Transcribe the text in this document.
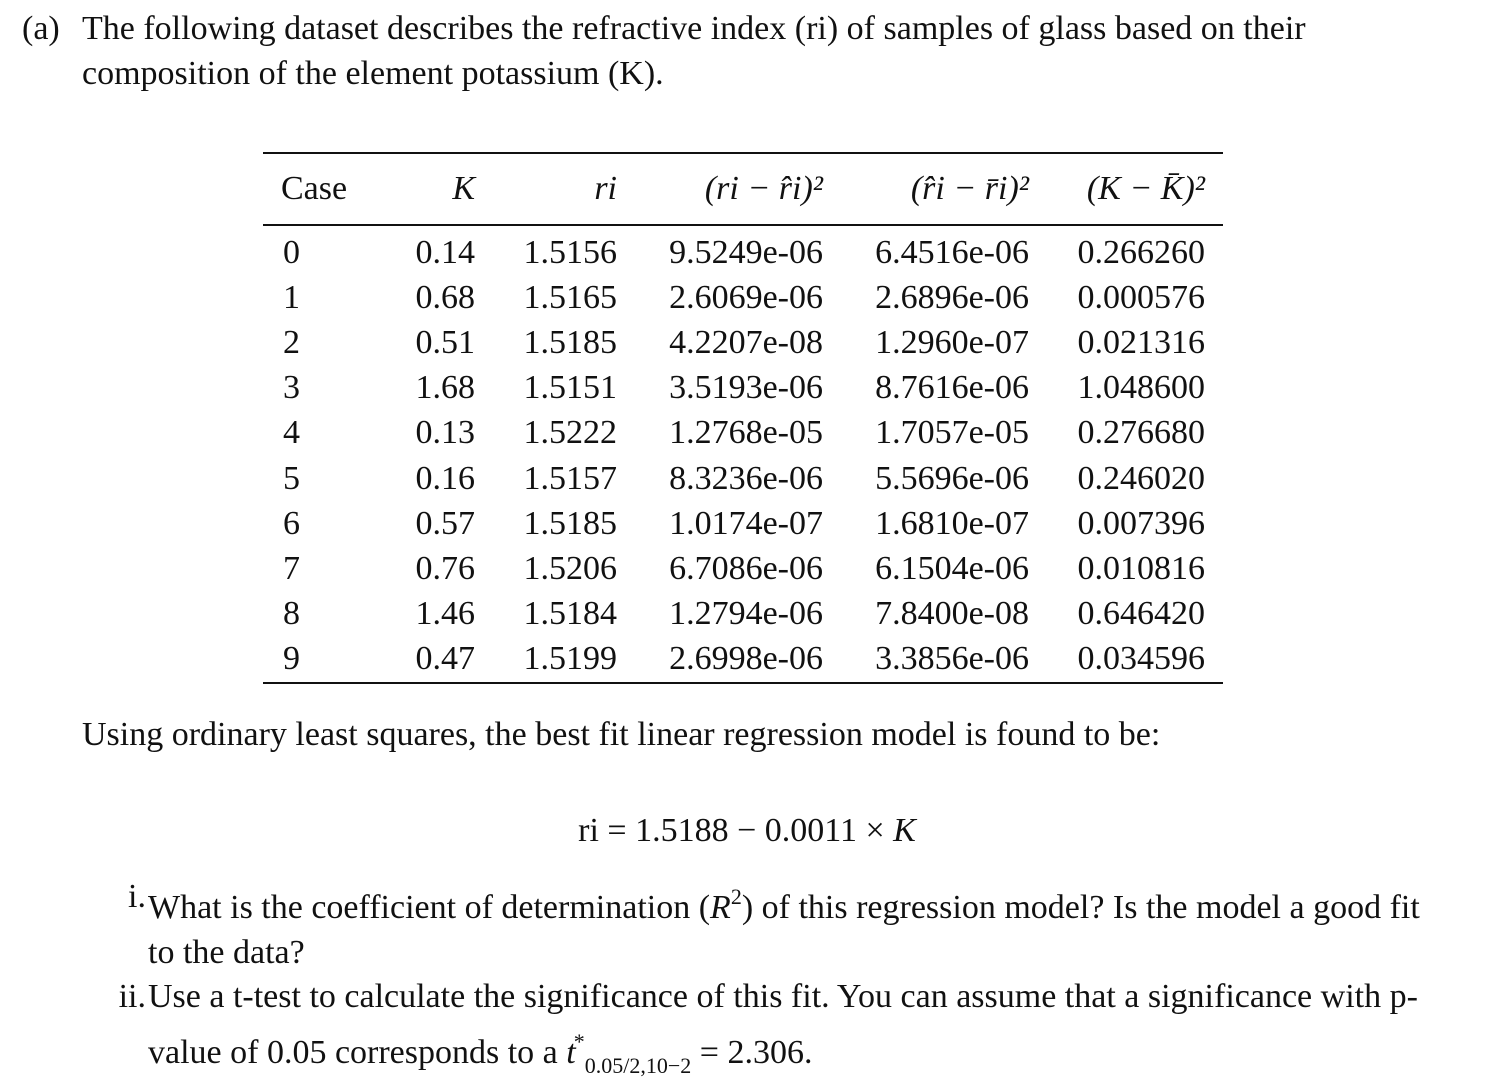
(a) The following dataset describes the refractive index (ri) of samples of glass based on their composition of the element potassium (K).
Case	K	ri	(ri − r̂i)²	(r̂i − r̄i)²	(K − K̄)²
0	0.14	1.5156	9.5249e-06	6.4516e-06	0.266260
1	0.68	1.5165	2.6069e-06	2.6896e-06	0.000576
2	0.51	1.5185	4.2207e-08	1.2960e-07	0.021316
3	1.68	1.5151	3.5193e-06	8.7616e-06	1.048600
4	0.13	1.5222	1.2768e-05	1.7057e-05	0.276680
5	0.16	1.5157	8.3236e-06	5.5696e-06	0.246020
6	0.57	1.5185	1.0174e-07	1.6810e-07	0.007396
7	0.76	1.5206	6.7086e-06	6.1504e-06	0.010816
8	1.46	1.5184	1.2794e-06	7.8400e-08	0.646420
9	0.47	1.5199	2.6998e-06	3.3856e-06	0.034596
Using ordinary least squares, the best fit linear regression model is found to be:
ri = 1.5188 − 0.0011 × K
i. What is the coefficient of determination $(R^2)$ of this regression model? Is the model a good fit to the data?
ii. Use a t-test to calculate the significance of this fit. You can assume that a significance with p-value of 0.05 corresponds to a $t^*_{0.05/2,10-2} = 2.306$.
